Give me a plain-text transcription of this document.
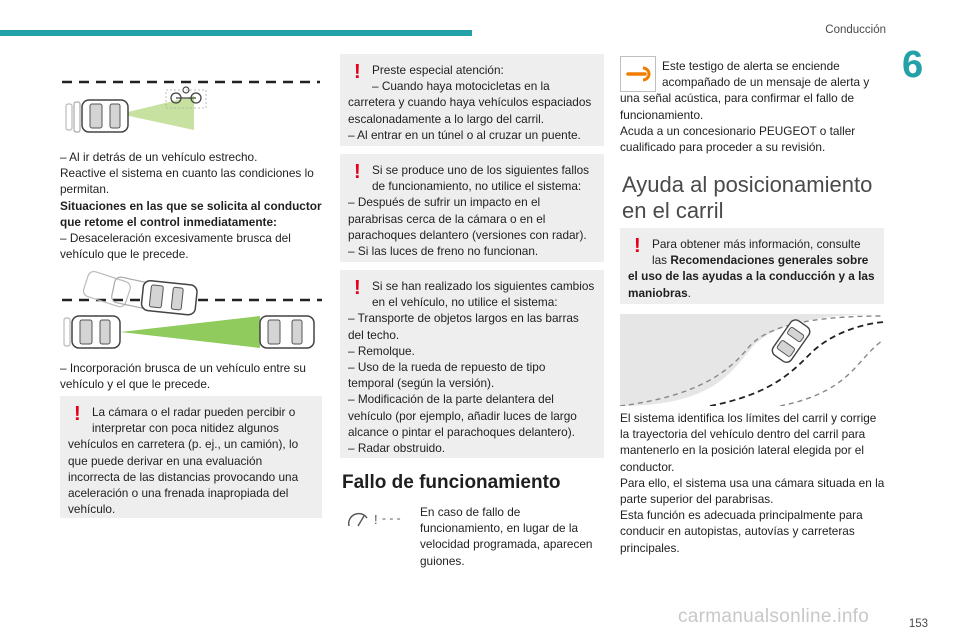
Conducción
6
153
carmanualsonline.info
– Al ir detrás de un vehículo estrecho.
Reactive el sistema en cuanto las condiciones lo
permitan.
Situaciones en las que se solicita al conductor
que retome el control inmediatamente:
– Desaceleración excesivamente brusca del
vehículo que le precede.
– Incorporación brusca de un vehículo entre su
vehículo y el que le precede.
! La cámara o el radar pueden percibir o
interpretar con poca nitidez algunos
vehículos en carretera (p. ej., un camión), lo
que puede derivar en una evaluación
incorrecta de las distancias provocando una
aceleración o una frenada inapropiada del
vehículo.
! Preste especial atención:
– Cuando haya motocicletas en la
carretera y cuando haya vehículos espaciados
escalonadamente a lo largo del carril.
– Al entrar en un túnel o al cruzar un puente.
! Si se produce uno de los siguientes fallos
de funcionamiento, no utilice el sistema:
– Después de sufrir un impacto en el
parabrisas cerca de la cámara o en el
parachoques delantero (versiones con radar).
– Si las luces de freno no funcionan.
! Si se han realizado los siguientes cambios
en el vehículo, no utilice el sistema:
– Transporte de objetos largos en las barras
del techo.
– Remolque.
– Uso de la rueda de repuesto de tipo
temporal (según la versión).
– Modificación de la parte delantera del
vehículo (por ejemplo, añadir luces de largo
alcance o pintar el parachoques delantero).
– Radar obstruido.
Fallo de funcionamiento
! - - - En caso de fallo de
funcionamiento, en lugar de la
velocidad programada, aparecen
guiones.
Este testigo de alerta se enciende
acompañado de un mensaje de alerta y
una señal acústica, para confirmar el fallo de
funcionamiento.
Acuda a un concesionario PEUGEOT o taller
cualificado para proceder a su revisión.
Ayuda al posicionamiento
en el carril
! Para obtener más información, consulte
las Recomendaciones generales sobre
el uso de las ayudas a la conducción y a las
maniobras.
El sistema identifica los límites del carril y corrige
la trayectoria del vehículo dentro del carril para
mantenerlo en la posición lateral elegida por el
conductor.
Para ello, el sistema usa una cámara situada en la
parte superior del parabrisas.
Esta función es adecuada principalmente para
conducir en autopistas, autovías y carreteras
principales.
